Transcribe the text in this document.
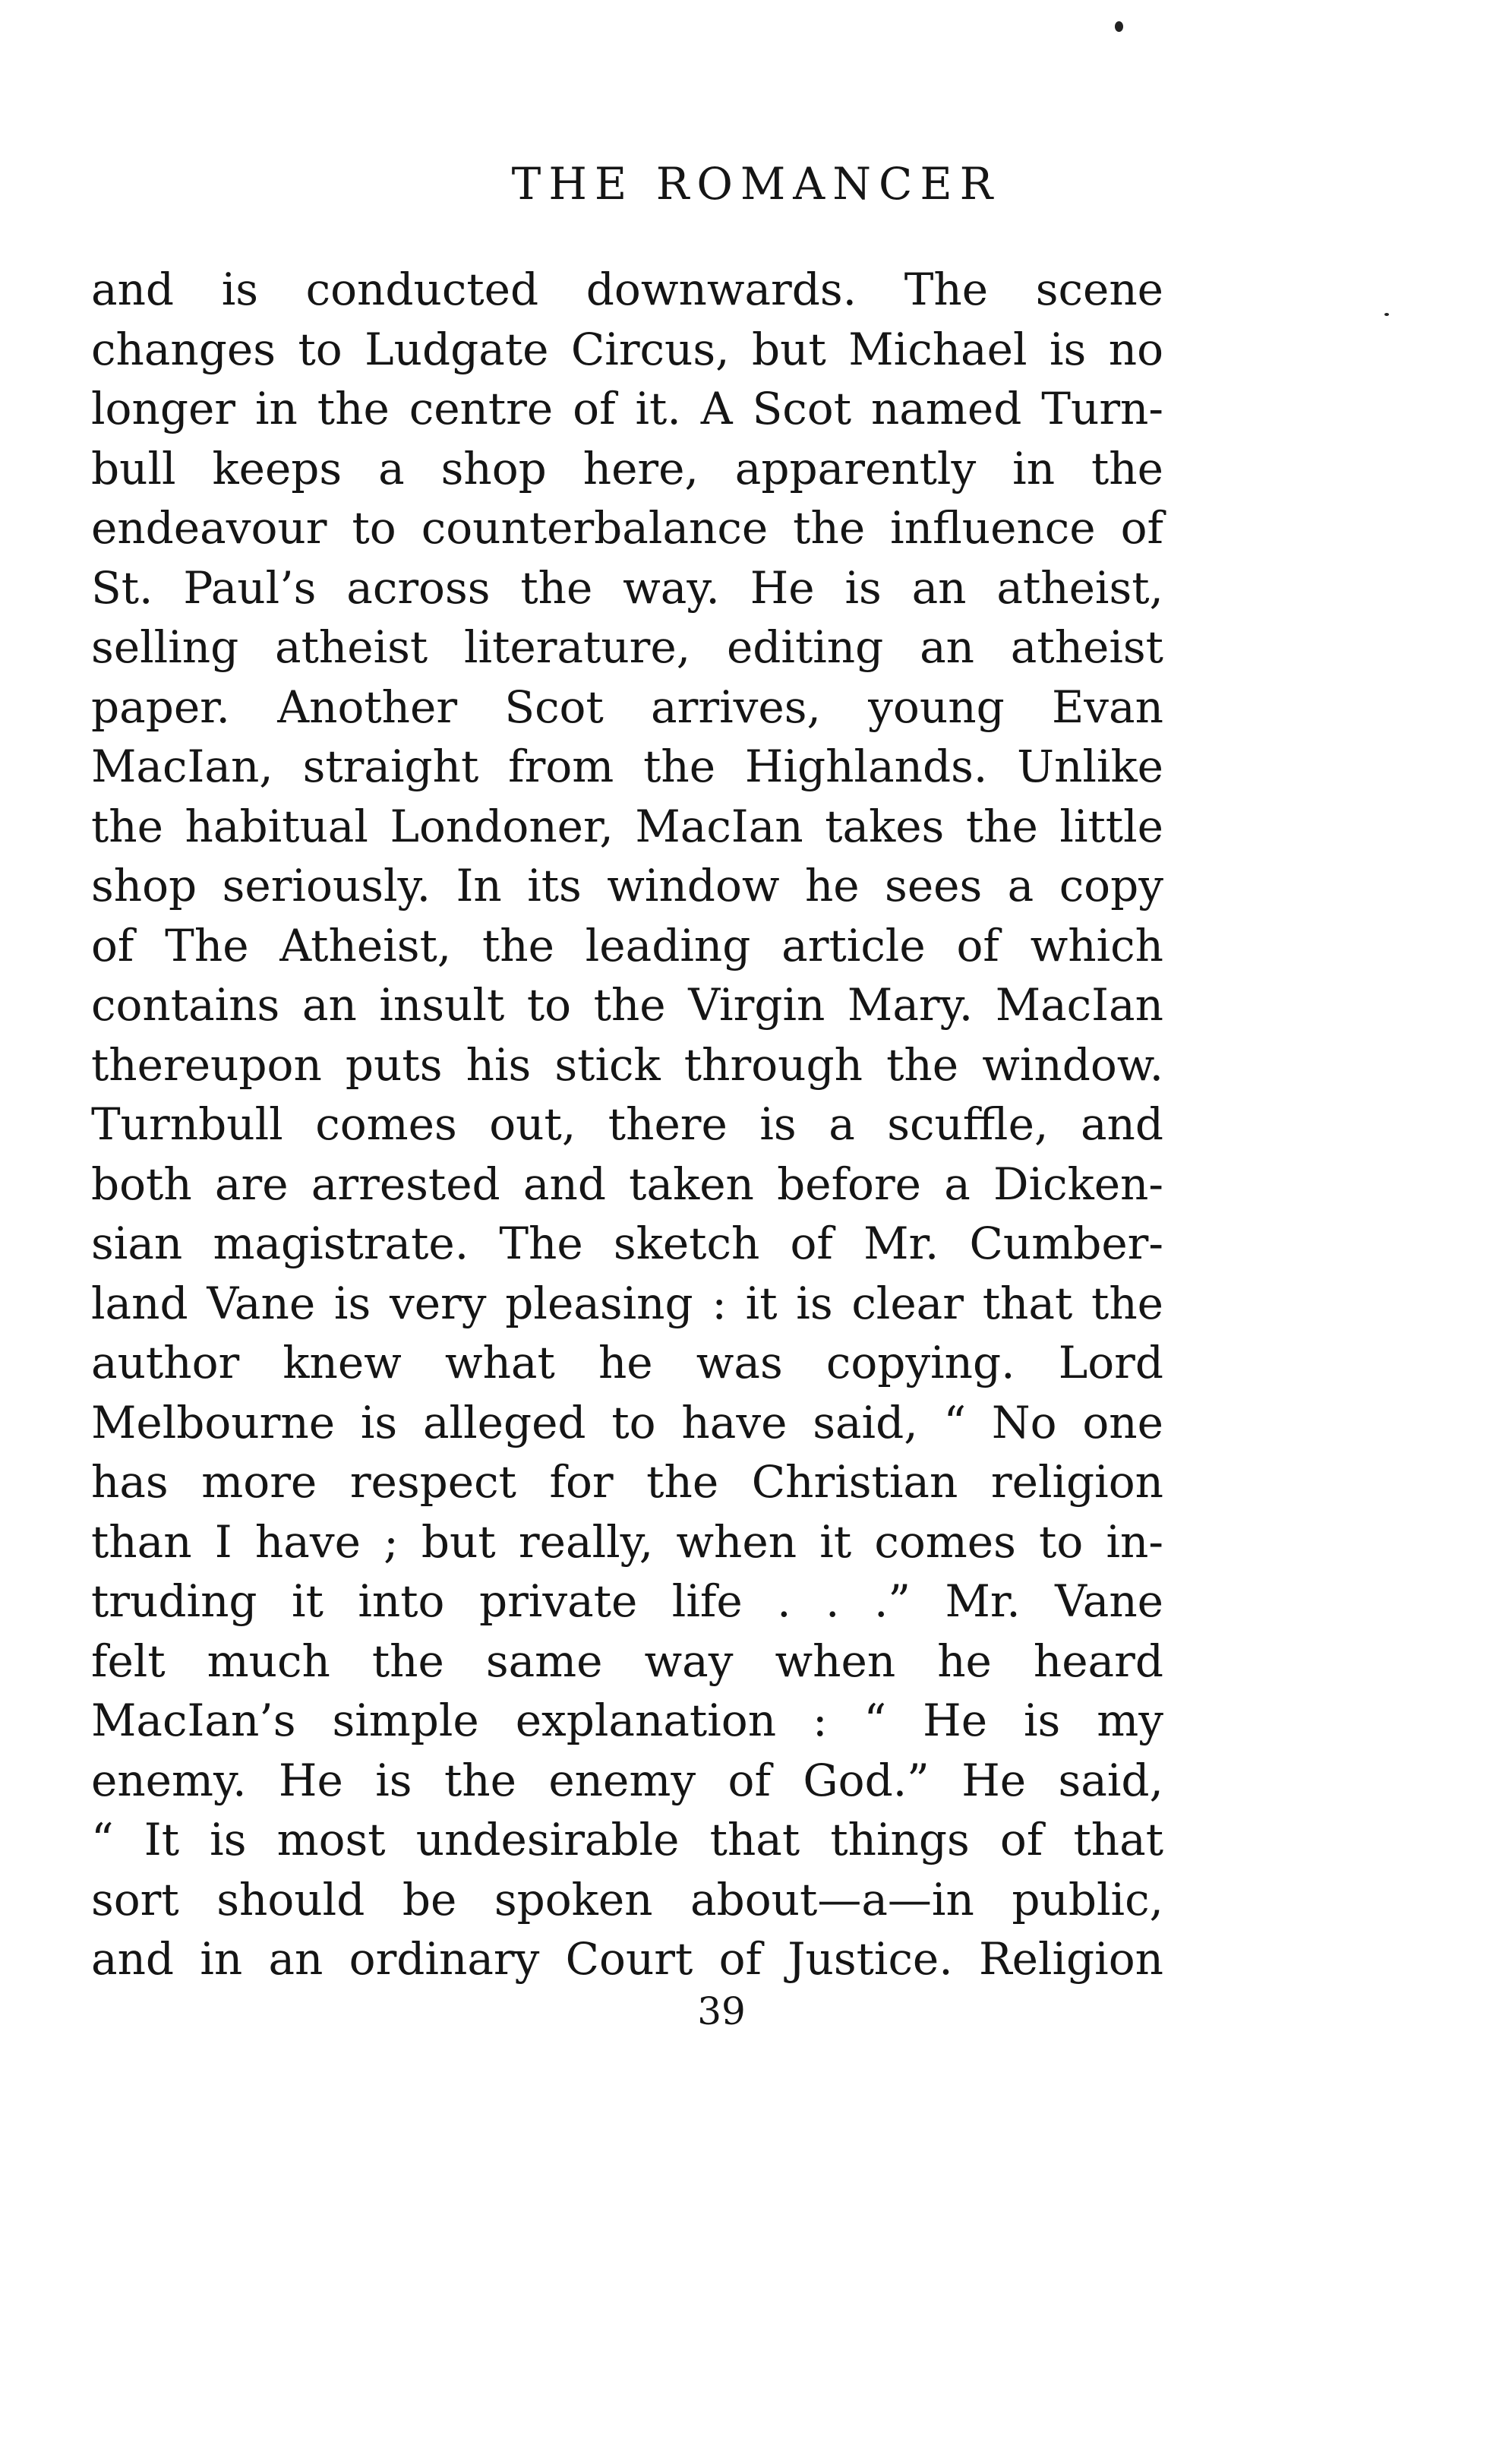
THE ROMANCER
and is conducted downwards. The scene
changes to Ludgate Circus, but Michael is no
longer in the centre of it. A Scot named Turn-
bull keeps a shop here, apparently in the
endeavour to counterbalance the influence of
St. Paul’s across the way. He is an atheist,
selling atheist literature, editing an atheist
paper. Another Scot arrives, young Evan
MacIan, straight from the Highlands. Unlike
the habitual Londoner, MacIan takes the little
shop seriously. In its window he sees a copy
of The Atheist, the leading article of which
contains an insult to the Virgin Mary. MacIan
thereupon puts his stick through the window.
Turnbull comes out, there is a scuffle, and
both are arrested and taken before a Dicken-
sian magistrate. The sketch of Mr. Cumber-
land Vane is very pleasing : it is clear that the
author knew what he was copying. Lord
Melbourne is alleged to have said, “ No one
has more respect for the Christian religion
than I have ; but really, when it comes to in-
truding it into private life . . .” Mr. Vane
felt much the same way when he heard
MacIan’s simple explanation : “ He is my
enemy. He is the enemy of God.” He said,
“ It is most undesirable that things of that
sort should be spoken about—a—in public,
and in an ordinary Court of Justice. Religion
39
